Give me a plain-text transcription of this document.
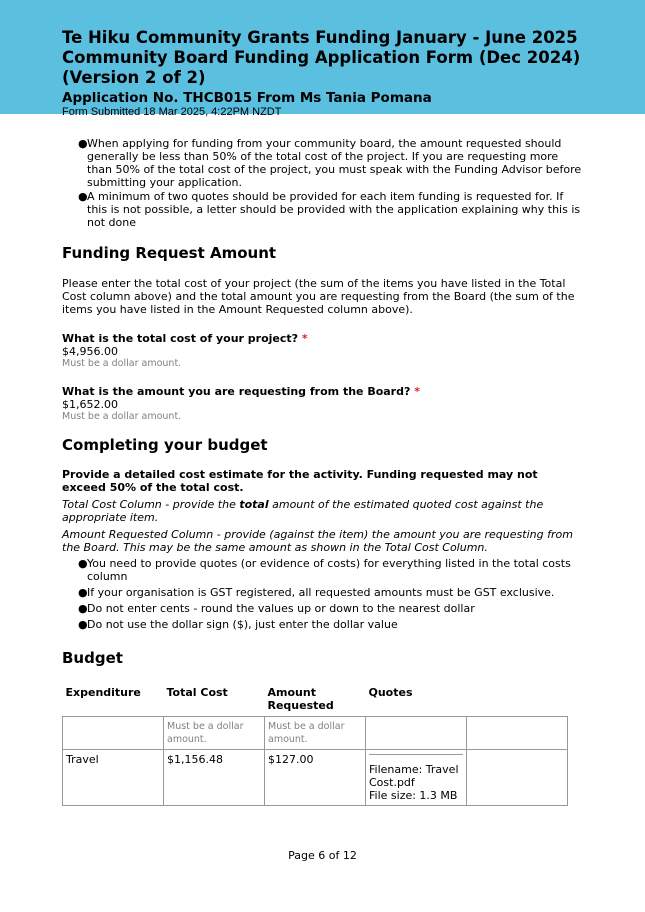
Te Hiku Community Grants Funding January - June 2025 Community Board Funding Application Form (Dec 2024) (Version 2 of 2)
Application No. THCB015 From Ms Tania Pomana
Form Submitted 18 Mar 2025, 4:22PM NZDT
● When applying for funding from your community board, the amount requested should generally be less than 50% of the total cost of the project. If you are requesting more than 50% of the total cost of the project, you must speak with the Funding Advisor before submitting your application.
● A minimum of two quotes should be provided for each item funding is requested for. If this is not possible, a letter should be provided with the application explaining why this is not done
Funding Request Amount

Please enter the total cost of your project (the sum of the items you have listed in the Total Cost column above) and the total amount you are requesting from the Board (the sum of the items you have listed in the Amount Requested column above).

What is the total cost of your project? *
$4,956.00
Must be a dollar amount.
What is the amount you are requesting from the Board? *
$1,652.00
Must be a dollar amount.
Completing your budget
Provide a detailed cost estimate for the activity. Funding requested may not exceed 50% of the total cost.

Total Cost Column - provide the total amount of the estimated quoted cost against the appropriate item.

Amount Requested Column - provide (against the item) the amount you are requesting from the Board. This may be the same amount as shown in the Total Cost Column.

● You need to provide quotes (or evidence of costs) for everything listed in the total costs column
● If your organisation is GST registered, all requested amounts must be GST exclusive.
● Do not enter cents - round the values up or down to the nearest dollar
● Do not use the dollar sign ($), just enter the dollar value
Budget
Expenditure	Total Cost	Amount Requested	Quotes	
	Must be a dollar amount.	Must be a dollar amount.		
Travel	$1,156.48	$127.00	Filename: Travel Cost.pdf
File size: 1.3 MB	

Page 6 of 12
